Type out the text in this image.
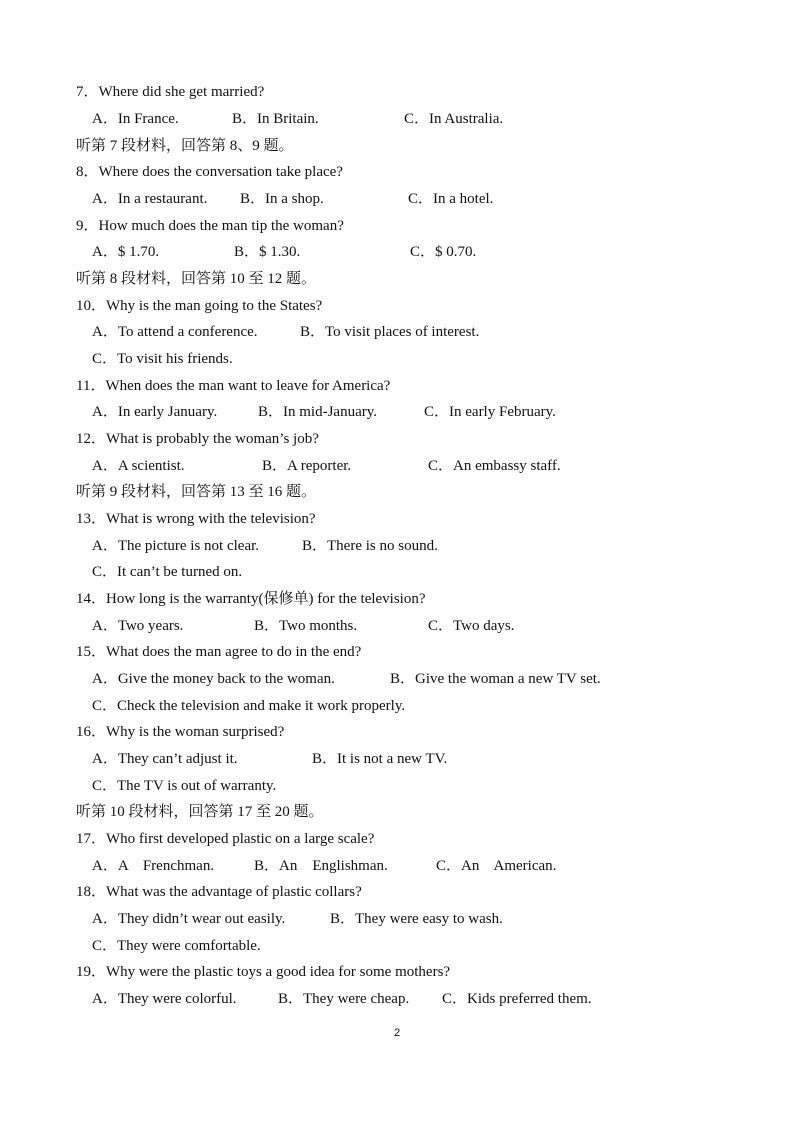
7．Where did she get married?
A．In France.	B．In Britain.	C．In Australia.
听第 7 段材料，回答第 8、9 题。
8．Where does the conversation take place?
A．In a restaurant. B．In a shop.	C．In a hotel.
9．How much does the man tip the woman?
A．$ 1.70.	B．$ 1.30.	C．$ 0.70.
听第 8 段材料，回答第 10 至 12 题。
10．Why is the man going to the States?
A．To attend a conference.	B．To visit places of interest.
C．To visit his friends.
11．When does the man want to leave for America?
A．In early January.	B．In mid-January.	C．In early February.
12．What is probably the woman’s job?
A．A scientist.	B．A reporter.	C．An embassy staff.
听第 9 段材料，回答第 13 至 16 题。
13．What is wrong with the television?
A．The picture is not clear.	B．There is no sound.
C．It can’t be turned on.
14．How long is the warranty(保修单) for the television?
A．Two years.	B．Two months.	C．Two days.
15．What does the man agree to do in the end?
A．Give the money back to the woman.	B．Give the woman a new TV set.
C．Check the television and make it work properly.
16．Why is the woman surprised?
A．They can’t adjust it.	B．It is not a new TV.
C．The TV is out of warranty.
听第 10 段材料，回答第 17 至 20 题。
17．Who first developed plastic on a large scale?
A．A    Frenchman.	B．An    Englishman.	C．An    American.
18．What was the advantage of plastic collars?
A．They didn’t wear out easily.	B．They were easy to wash.
C．They were comfortable.
19．Why were the plastic toys a good idea for some mothers?
A．They were colorful.	B．They were cheap. C．Kids preferred them.
2
